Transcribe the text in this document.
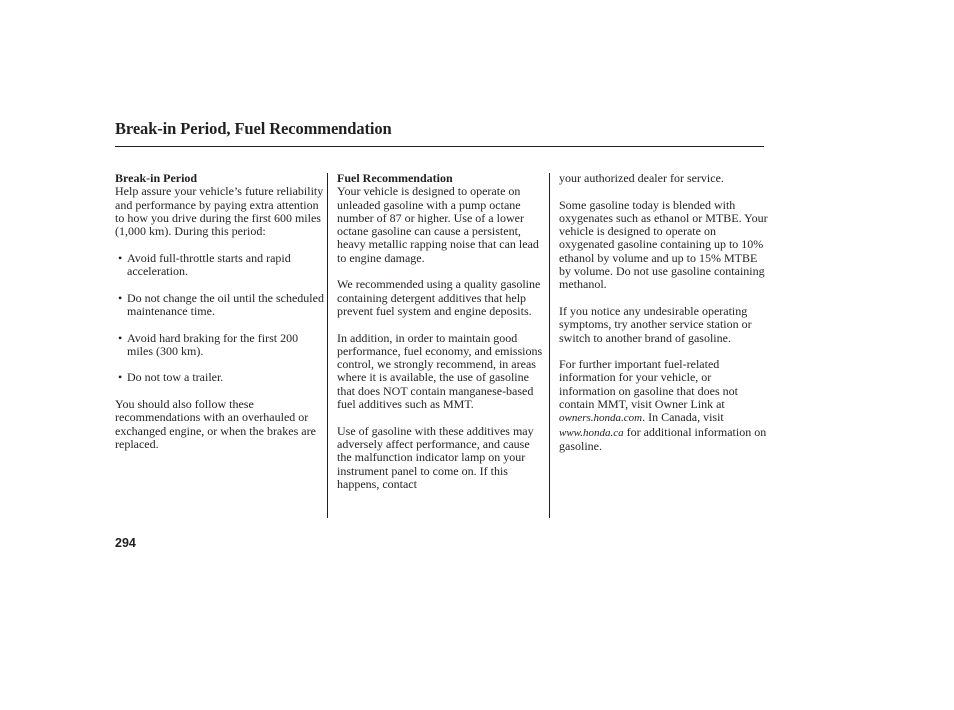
Break-in Period, Fuel Recommendation
Break-in Period

Help assure your vehicle’s future reliability and performance by paying extra attention to how you drive during the first 600 miles (1,000 km). During this period:

• Avoid full-throttle starts and rapid acceleration.
• Do not change the oil until the scheduled maintenance time.
• Avoid hard braking for the first 200 miles (300 km).
• Do not tow a trailer.

You should also follow these recommendations with an overhauled or exchanged engine, or when the brakes are replaced.

Fuel Recommendation

Your vehicle is designed to operate on unleaded gasoline with a pump octane number of 87 or higher. Use of a lower octane gasoline can cause a persistent, heavy metallic rapping noise that can lead to engine damage.

We recommended using a quality gasoline containing detergent additives that help prevent fuel system and engine deposits.

In addition, in order to maintain good performance, fuel economy, and emissions control, we strongly recommend, in areas where it is available, the use of gasoline that does NOT contain manganese-based fuel additives such as MMT.

Use of gasoline with these additives may adversely affect performance, and cause the malfunction indicator lamp on your instrument panel to come on. If this happens, contact

your authorized dealer for service.

Some gasoline today is blended with oxygenates such as ethanol or MTBE. Your vehicle is designed to operate on oxygenated gasoline containing up to 10% ethanol by volume and up to 15% MTBE by volume. Do not use gasoline containing methanol.

If you notice any undesirable operating symptoms, try another service station or switch to another brand of gasoline.

For further important fuel-related information for your vehicle, or information on gasoline that does not contain MMT, visit Owner Link at owners.honda.com. In Canada, visit www.honda.ca for additional information on gasoline.

294
